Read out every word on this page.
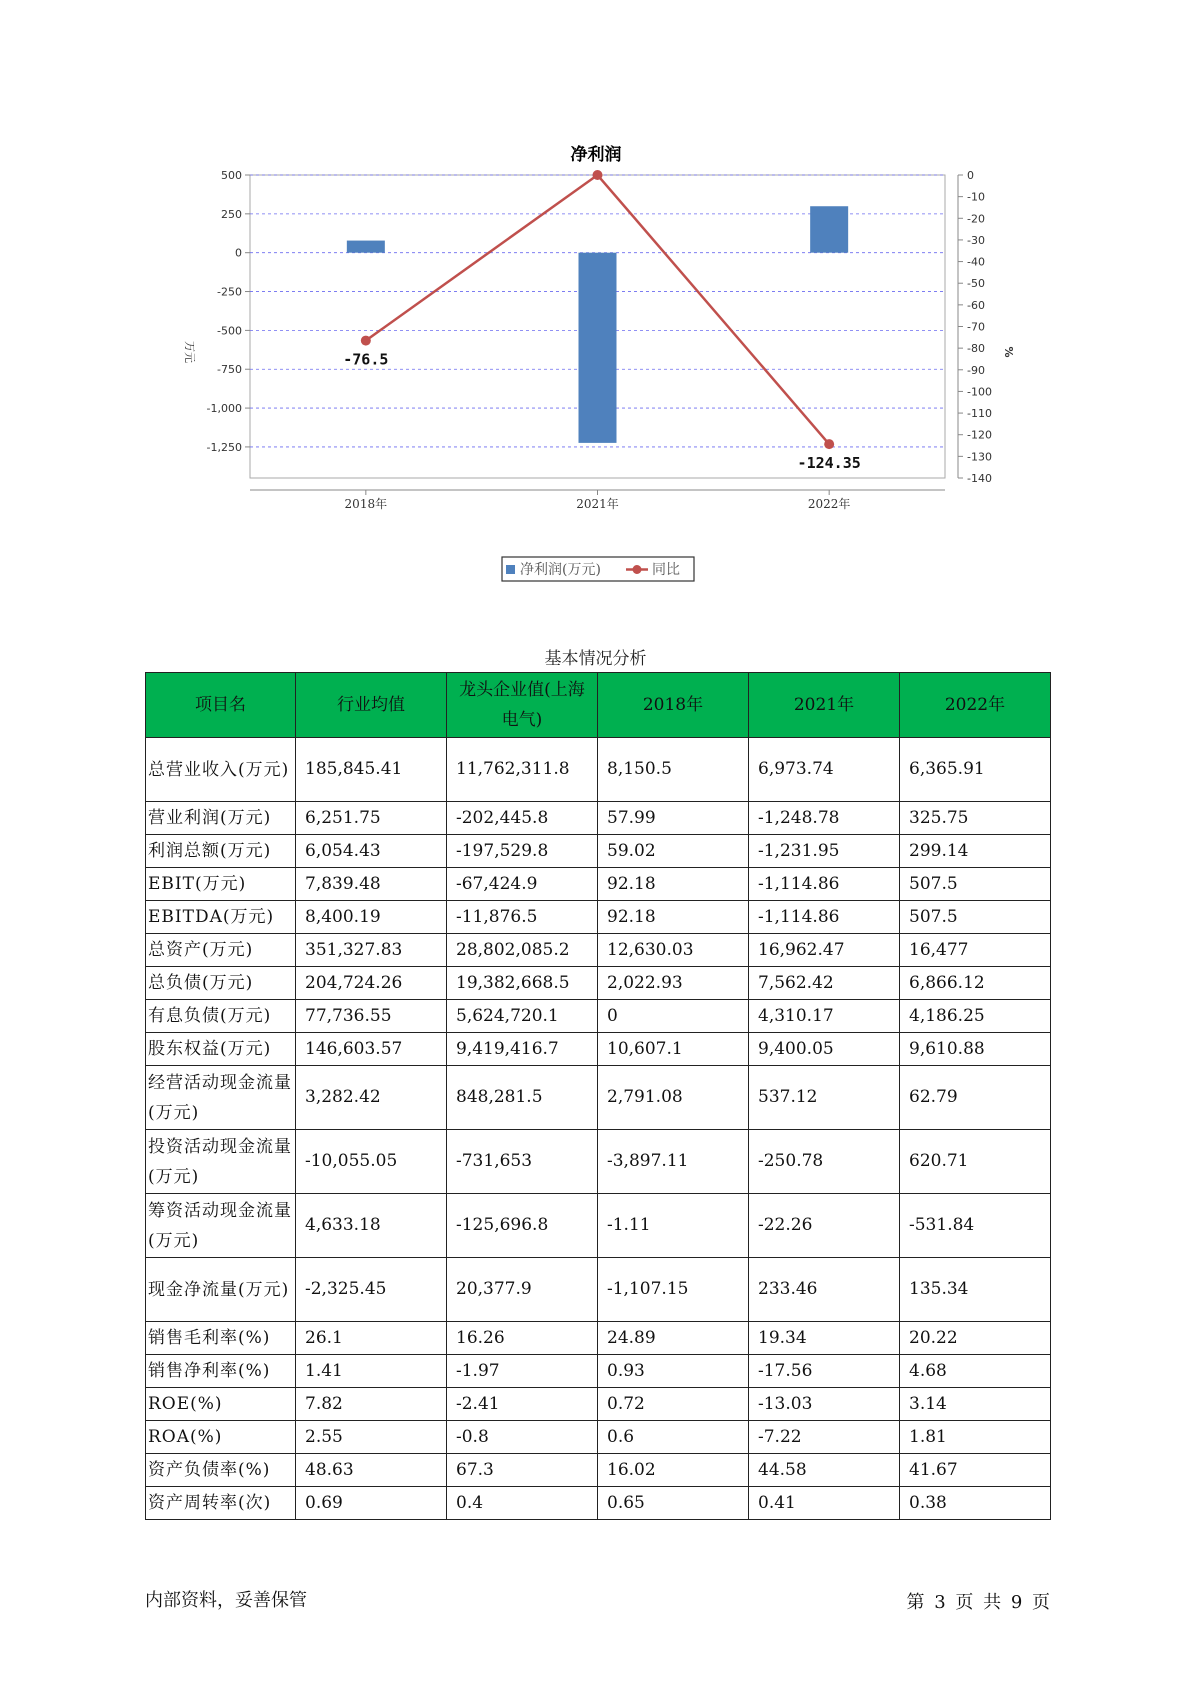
净利润
500
250
0
-250
-500
-750
-1,000
-1,250
0
-10
-20
-30
-40
-50
-60
-70
-80
-90
-100
-110
-120
-130
-140
2018年	2021年	2022年
-76.5
-124.35
万元	%
净利润(万元)	同比
基本情况分析
项目名	行业均值	龙头企业值(上海电气)	2018年	2021年	2022年
总营业收入(万元)	185,845.41	11,762,311.8	8,150.5	6,973.74	6,365.91
营业利润(万元)	6,251.75	-202,445.8	57.99	-1,248.78	325.75
利润总额(万元)	6,054.43	-197,529.8	59.02	-1,231.95	299.14
EBIT(万元)	7,839.48	-67,424.9	92.18	-1,114.86	507.5
EBITDA(万元)	8,400.19	-11,876.5	92.18	-1,114.86	507.5
总资产(万元)	351,327.83	28,802,085.2	12,630.03	16,962.47	16,477
总负债(万元)	204,724.26	19,382,668.5	2,022.93	7,562.42	6,866.12
有息负债(万元)	77,736.55	5,624,720.1	0	4,310.17	4,186.25
股东权益(万元)	146,603.57	9,419,416.7	10,607.1	9,400.05	9,610.88
经营活动现金流量(万元)	3,282.42	848,281.5	2,791.08	537.12	62.79
投资活动现金流量(万元)	-10,055.05	-731,653	-3,897.11	-250.78	620.71
筹资活动现金流量(万元)	4,633.18	-125,696.8	-1.11	-22.26	-531.84
现金净流量(万元)	-2,325.45	20,377.9	-1,107.15	233.46	135.34
销售毛利率(%)	26.1	16.26	24.89	19.34	20.22
销售净利率(%)	1.41	-1.97	0.93	-17.56	4.68
ROE(%)	7.82	-2.41	0.72	-13.03	3.14
ROA(%)	2.55	-0.8	0.6	-7.22	1.81
资产负债率(%)	48.63	67.3	16.02	44.58	41.67
资产周转率(次)	0.69	0.4	0.65	0.41	0.38
内部资料，妥善保管	第 3 页 共 9 页
